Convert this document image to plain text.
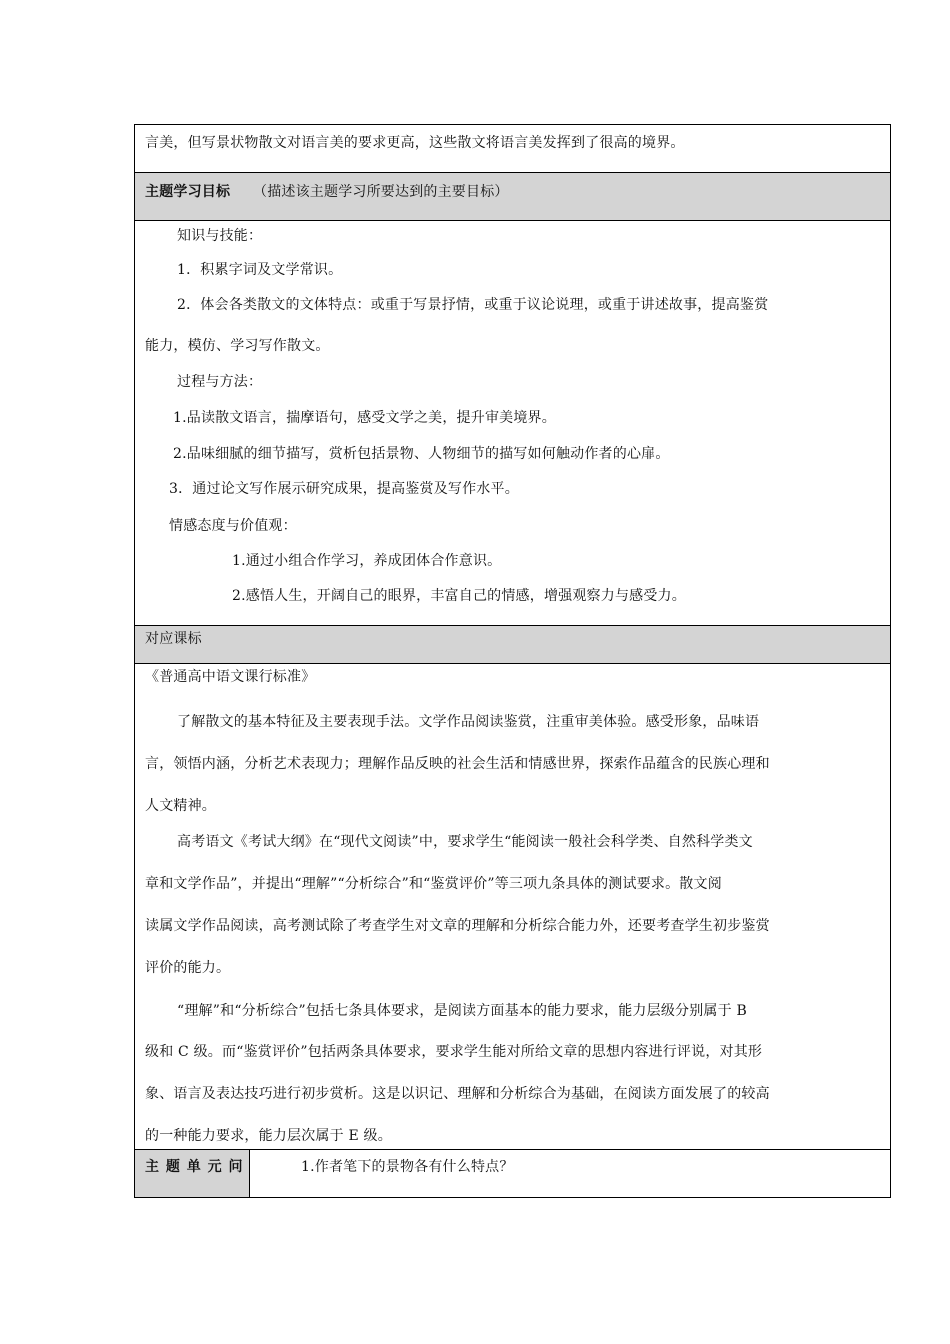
言美，但写景状物散文对语言美的要求更高，这些散文将语言美发挥到了很高的境界。
主题学习目标 （描述该主题学习所要达到的主要目标）
知识与技能：
1．积累字词及文学常识。
2．体会各类散文的文体特点：或重于写景抒情，或重于议论说理，或重于讲述故事，提高鉴赏
能力，模仿、学习写作散文。
过程与方法：
1.品读散文语言，揣摩语句，感受文学之美，提升审美境界。
2.品味细腻的细节描写，赏析包括景物、人物细节的描写如何触动作者的心扉。
3．通过论文写作展示研究成果，提高鉴赏及写作水平。
情感态度与价值观：
1.通过小组合作学习，养成团体合作意识。
2.感悟人生，开阔自己的眼界，丰富自己的情感，增强观察力与感受力。
对应课标
《普通高中语文课行标准》
了解散文的基本特征及主要表现手法。文学作品阅读鉴赏，注重审美体验。感受形象，品味语
言，领悟内涵，分析艺术表现力；理解作品反映的社会生活和情感世界，探索作品蕴含的民族心理和
人文精神。
高考语文《考试大纲》在“现代文阅读”中，要求学生“能阅读一般社会科学类、自然科学类文
章和文学作品”，并提出“理解”“分析综合”和“鉴赏评价”等三项九条具体的测试要求。散文阅
读属文学作品阅读，高考测试除了考查学生对文章的理解和分析综合能力外，还要考查学生初步鉴赏
评价的能力。
“理解”和“分析综合”包括七条具体要求，是阅读方面基本的能力要求，能力层级分别属于 B
级和 C 级。而“鉴赏评价”包括两条具体要求，要求学生能对所给文章的思想内容进行评说，对其形
象、语言及表达技巧进行初步赏析。这是以识记、理解和分析综合为基础，在阅读方面发展了的较高
的一种能力要求，能力层次属于 E 级。
主 题 单 元 问	1.作者笔下的景物各有什么特点？
